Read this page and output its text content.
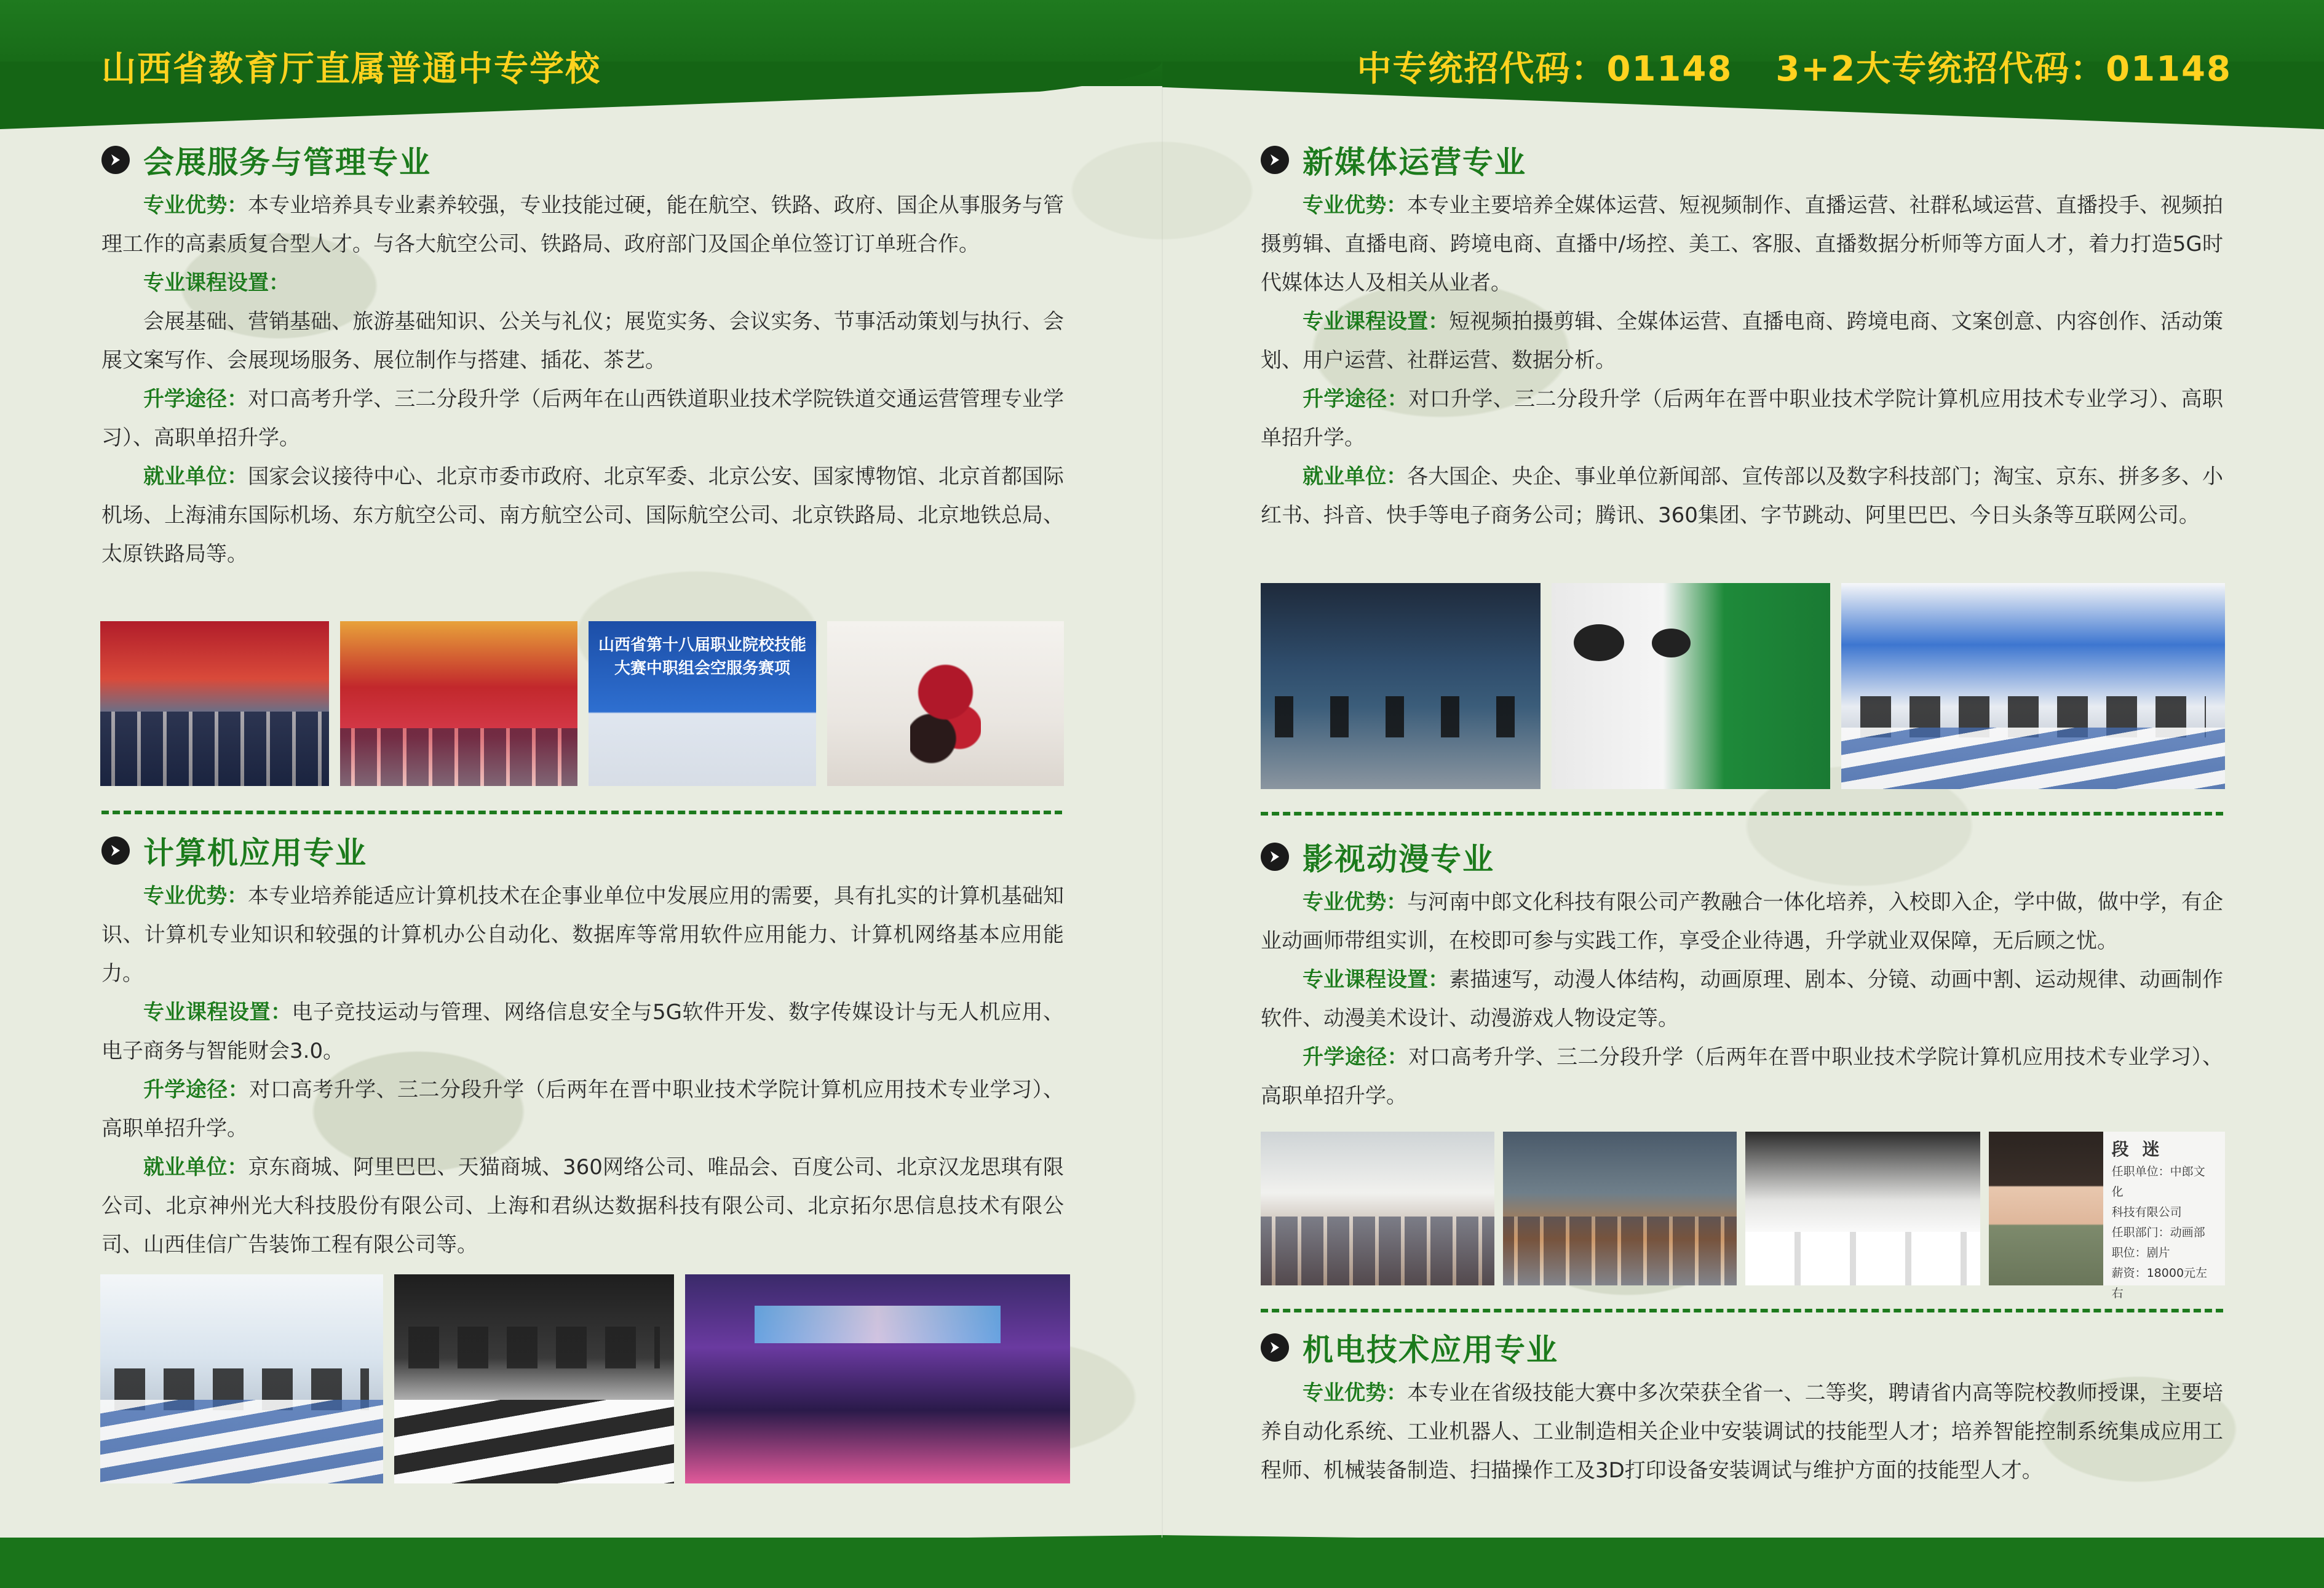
山西省教育厅直属普通中专学校	中专统招代码：01148 3+2大专统招代码：01148
会展服务与管理专业

专业优势：本专业培养具专业素养较强，专业技能过硬，能在航空、铁路、政府、国企从事服务与管理工作的高素质复合型人才。与各大航空公司、铁路局、政府部门及国企单位签订订单班合作。

专业课程设置：

会展基础、营销基础、旅游基础知识、公关与礼仪；展览实务、会议实务、节事活动策划与执行、会展文案写作、会展现场服务、展位制作与搭建、插花、茶艺。

升学途径：对口高考升学、三二分段升学（后两年在山西铁道职业技术学院铁道交通运营管理专业学习）、高职单招升学。

就业单位：国家会议接待中心、北京市委市政府、北京军委、北京公安、国家博物馆、北京首都国际机场、上海浦东国际机场、东方航空公司、南方航空公司、国际航空公司、北京铁路局、北京地铁总局、太原铁路局等。

山西省第十八届职业院校技能大赛中职组会空服务赛项
计算机应用专业

专业优势：本专业培养能适应计算机技术在企事业单位中发展应用的需要，具有扎实的计算机基础知识、计算机专业知识和较强的计算机办公自动化、数据库等常用软件应用能力、计算机网络基本应用能力。

专业课程设置：电子竞技运动与管理、网络信息安全与5G软件开发、数字传媒设计与无人机应用、电子商务与智能财会3.0。

升学途径：对口高考升学、三二分段升学（后两年在晋中职业技术学院计算机应用技术专业学习）、高职单招升学。

就业单位：京东商城、阿里巴巴、天猫商城、360网络公司、唯品会、百度公司、北京汉龙思琪有限公司、北京神州光大科技股份有限公司、上海和君纵达数据科技有限公司、北京拓尔思信息技术有限公司、山西佳信广告装饰工程有限公司等。

新媒体运营专业

专业优势：本专业主要培养全媒体运营、短视频制作、直播运营、社群私域运营、直播投手、视频拍摄剪辑、直播电商、跨境电商、直播中/场控、美工、客服、直播数据分析师等方面人才，着力打造5G时代媒体达人及相关从业者。

专业课程设置：短视频拍摄剪辑、全媒体运营、直播电商、跨境电商、文案创意、内容创作、活动策划、用户运营、社群运营、数据分析。

升学途径：对口升学、三二分段升学（后两年在晋中职业技术学院计算机应用技术专业学习）、高职单招升学。

就业单位：各大国企、央企、事业单位新闻部、宣传部以及数字科技部门；淘宝、京东、拼多多、小红书、抖音、快手等电子商务公司；腾讯、360集团、字节跳动、阿里巴巴、今日头条等互联网公司。

影视动漫专业

专业优势：与河南中郎文化科技有限公司产教融合一体化培养，入校即入企，学中做，做中学，有企业动画师带组实训，在校即可参与实践工作，享受企业待遇，升学就业双保障，无后顾之忧。

专业课程设置：素描速写，动漫人体结构，动画原理、剧本、分镜、动画中割、运动规律、动画制作软件、动漫美术设计、动漫游戏人物设定等。

升学途径：对口高考升学、三二分段升学（后两年在晋中职业技术学院计算机应用技术专业学习）、高职单招升学。

段 迷
任职单位：中郎文化
科技有限公司
任职部门：动画部
职位：剧片
薪资：18000元左右
机电技术应用专业

专业优势：本专业在省级技能大赛中多次荣获全省一、二等奖，聘请省内高等院校教师授课，主要培养自动化系统、工业机器人、工业制造相关企业中安装调试的技能型人才；培养智能控制系统集成应用工程师、机械装备制造、扫描操作工及3D打印设备安装调试与维护方面的技能型人才。
